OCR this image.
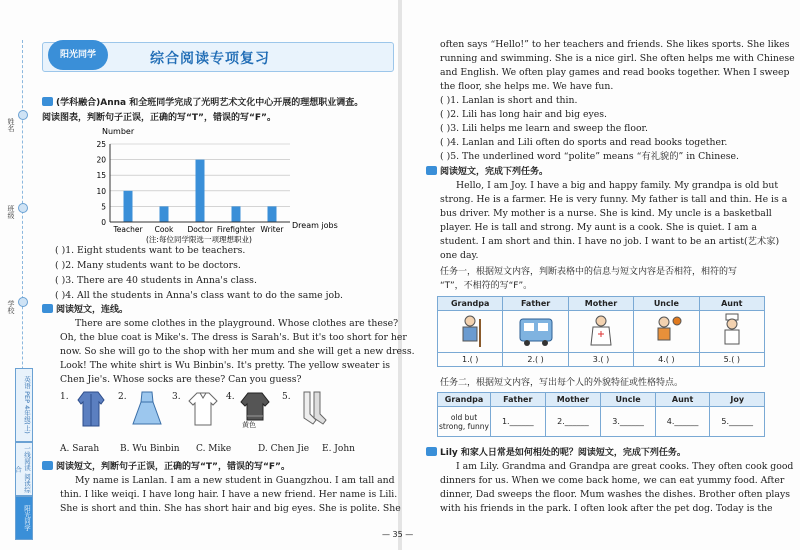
姓名
班级
学校
英语 PEP 4年级(上)
一线阅读 阅读综合
阳光同学
阳光同学	综合阅读专项复习
(学科融合)Anna 和全班同学完成了光明艺术文化中心开展的理想职业调查。
阅读图表，判断句子正误，正确的写“T”，错误的写“F”。
Number
Teacher Cook Doctor Firefighter Writer
0
5
10
15
20
25
Dream jobs
(注:每位同学限选一项理想职业)
( )1. Eight students want to be teachers.
( )2. Many students want to be doctors.
( )3. There are 40 students in Anna's class.
( )4. All the students in Anna's class want to do the same job.
阅读短文，连线。
There are some clothes in the playground. Whose clothes are these?
Oh, the blue coat is Mike's. The dress is Sarah's. But it's too short for her
now. So she will go to the shop with her mum and she will get a new dress.
Look! The white shirt is Wu Binbin's. It's pretty. The yellow sweater is
Chen Jie's. Whose socks are these? Can you guess?
1.	2.	3.	4.
黄色
5.
A. Sarah B. Wu Binbin C. Mike	D. Chen Jie E. John
阅读短文，判断句子正误，正确的写“T”，错误的写“F”。
My name is Lanlan. I am a new student in Guangzhou. I am tall and
thin. I like weiqi. I have long hair. I have a new friend. Her name is Lili.
She is short and thin. She has short hair and big eyes. She is polite. She
often says “Hello!” to her teachers and friends. She likes sports. She likes
running and swimming. She is a nice girl. She often helps me with Chinese
and English. We often play games and read books together. When I sweep
the floor, she helps me. We have fun.
( )1. Lanlan is short and thin.
( )2. Lili has long hair and big eyes.
( )3. Lili helps me learn and sweep the floor.
( )4. Lanlan and Lili often do sports and read books together.
( )5. The underlined word “polite” means “有礼貌的” in Chinese.
阅读短文，完成下列任务。
Hello, I am Joy. I have a big and happy family. My grandpa is old but
strong. He is a farmer. He is very funny. My father is tall and thin. He is a
bus driver. My mother is a nurse. She is kind. My uncle is a basketball
player. He is tall and strong. My aunt is a cook. She is quiet. I am a
student. I am short and thin. I have no job. I want to be an artist(艺术家)
one day.
任务一，根据短文内容，判断表格中的信息与短文内容是否相符，相符的写
“T”，不相符的写“F”。
Grandpa	Father	Mother	Uncle	Aunt

1.( )	2.( )	3.( )	4.( )	5.( )
任务二，根据短文内容，写出每个人的外貌特征或性格特点。
Grandpa	Father	Mother	Uncle	Aunt	Joy
old but strong, funny	1.______	2.______	3.______	4.______	5.______
Lily 和家人日常是如何相处的呢？阅读短文，完成下列任务。
I am Lily. Grandma and Grandpa are great cooks. They often cook good
dinners for us. When we come back home, we can eat yummy food. After
dinner, Dad sweeps the floor. Mum washes the dishes. Brother often plays
with his friends in the park. I often look after the pet dog. Today is the
— 35 —
